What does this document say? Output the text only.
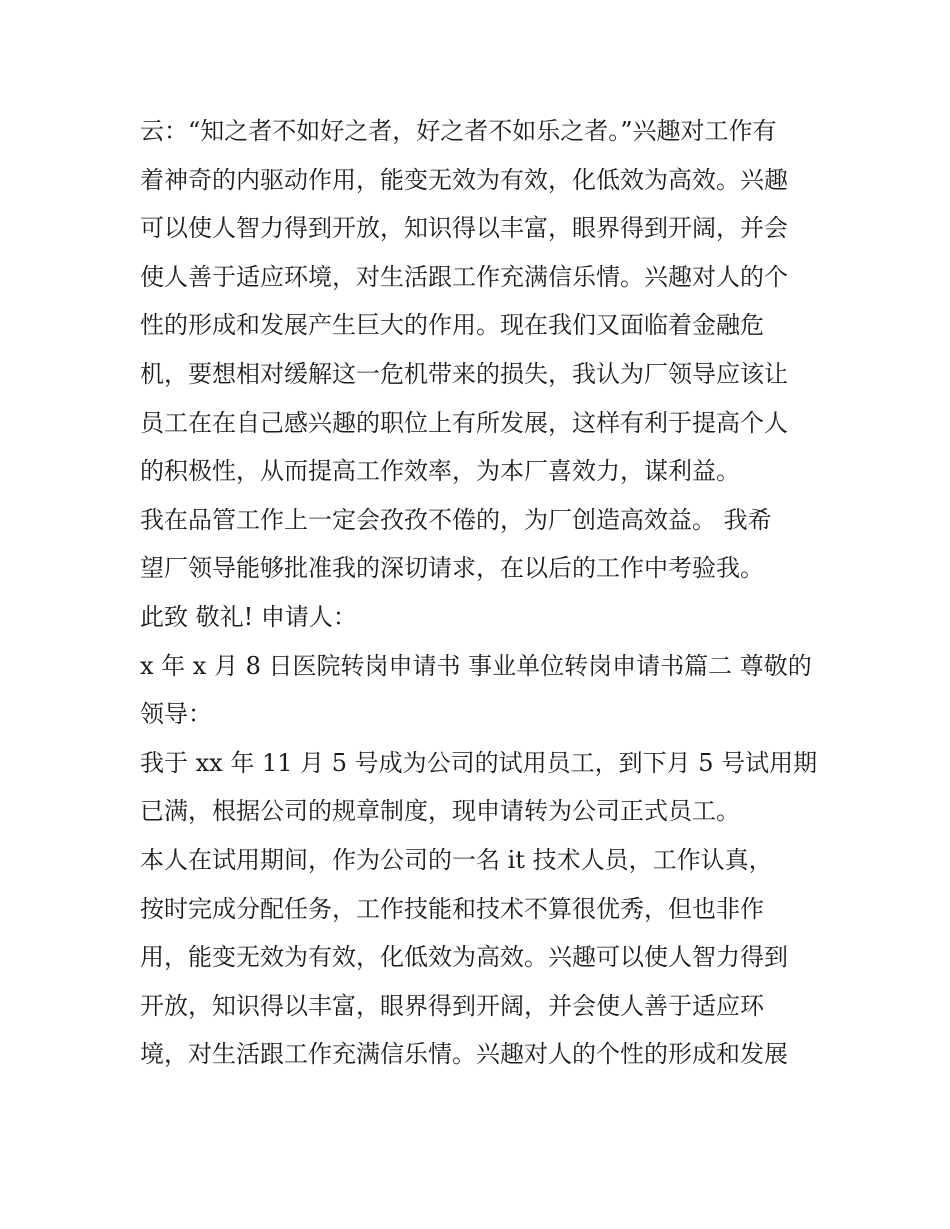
云：“知之者不如好之者，好之者不如乐之者。”兴趣对工作有
着神奇的内驱动作用，能变无效为有效，化低效为高效。兴趣
可以使人智力得到开放，知识得以丰富，眼界得到开阔，并会
使人善于适应环境，对生活跟工作充满信乐情。兴趣对人的个
性的形成和发展产生巨大的作用。现在我们又面临着金融危
机，要想相对缓解这一危机带来的损失，我认为厂领导应该让
员工在在自己感兴趣的职位上有所发展，这样有利于提高个人
的积极性，从而提高工作效率，为本厂喜效力，谋利益。
我在品管工作上一定会孜孜不倦的，为厂创造高效益。 我希
望厂领导能够批准我的深切请求，在以后的工作中考验我。
此致 敬礼! 申请人：
x 年 x 月 8 日医院转岗申请书 事业单位转岗申请书篇二 尊敬的
领导：
我于 xx 年 11 月 5 号成为公司的试用员工，到下月 5 号试用期
已满，根据公司的规章制度，现申请转为公司正式员工。
本人在试用期间，作为公司的一名 it 技术人员，工作认真，
按时完成分配任务，工作技能和技术不算很优秀，但也非作
用，能变无效为有效，化低效为高效。兴趣可以使人智力得到
开放，知识得以丰富，眼界得到开阔，并会使人善于适应环
境，对生活跟工作充满信乐情。兴趣对人的个性的形成和发展
